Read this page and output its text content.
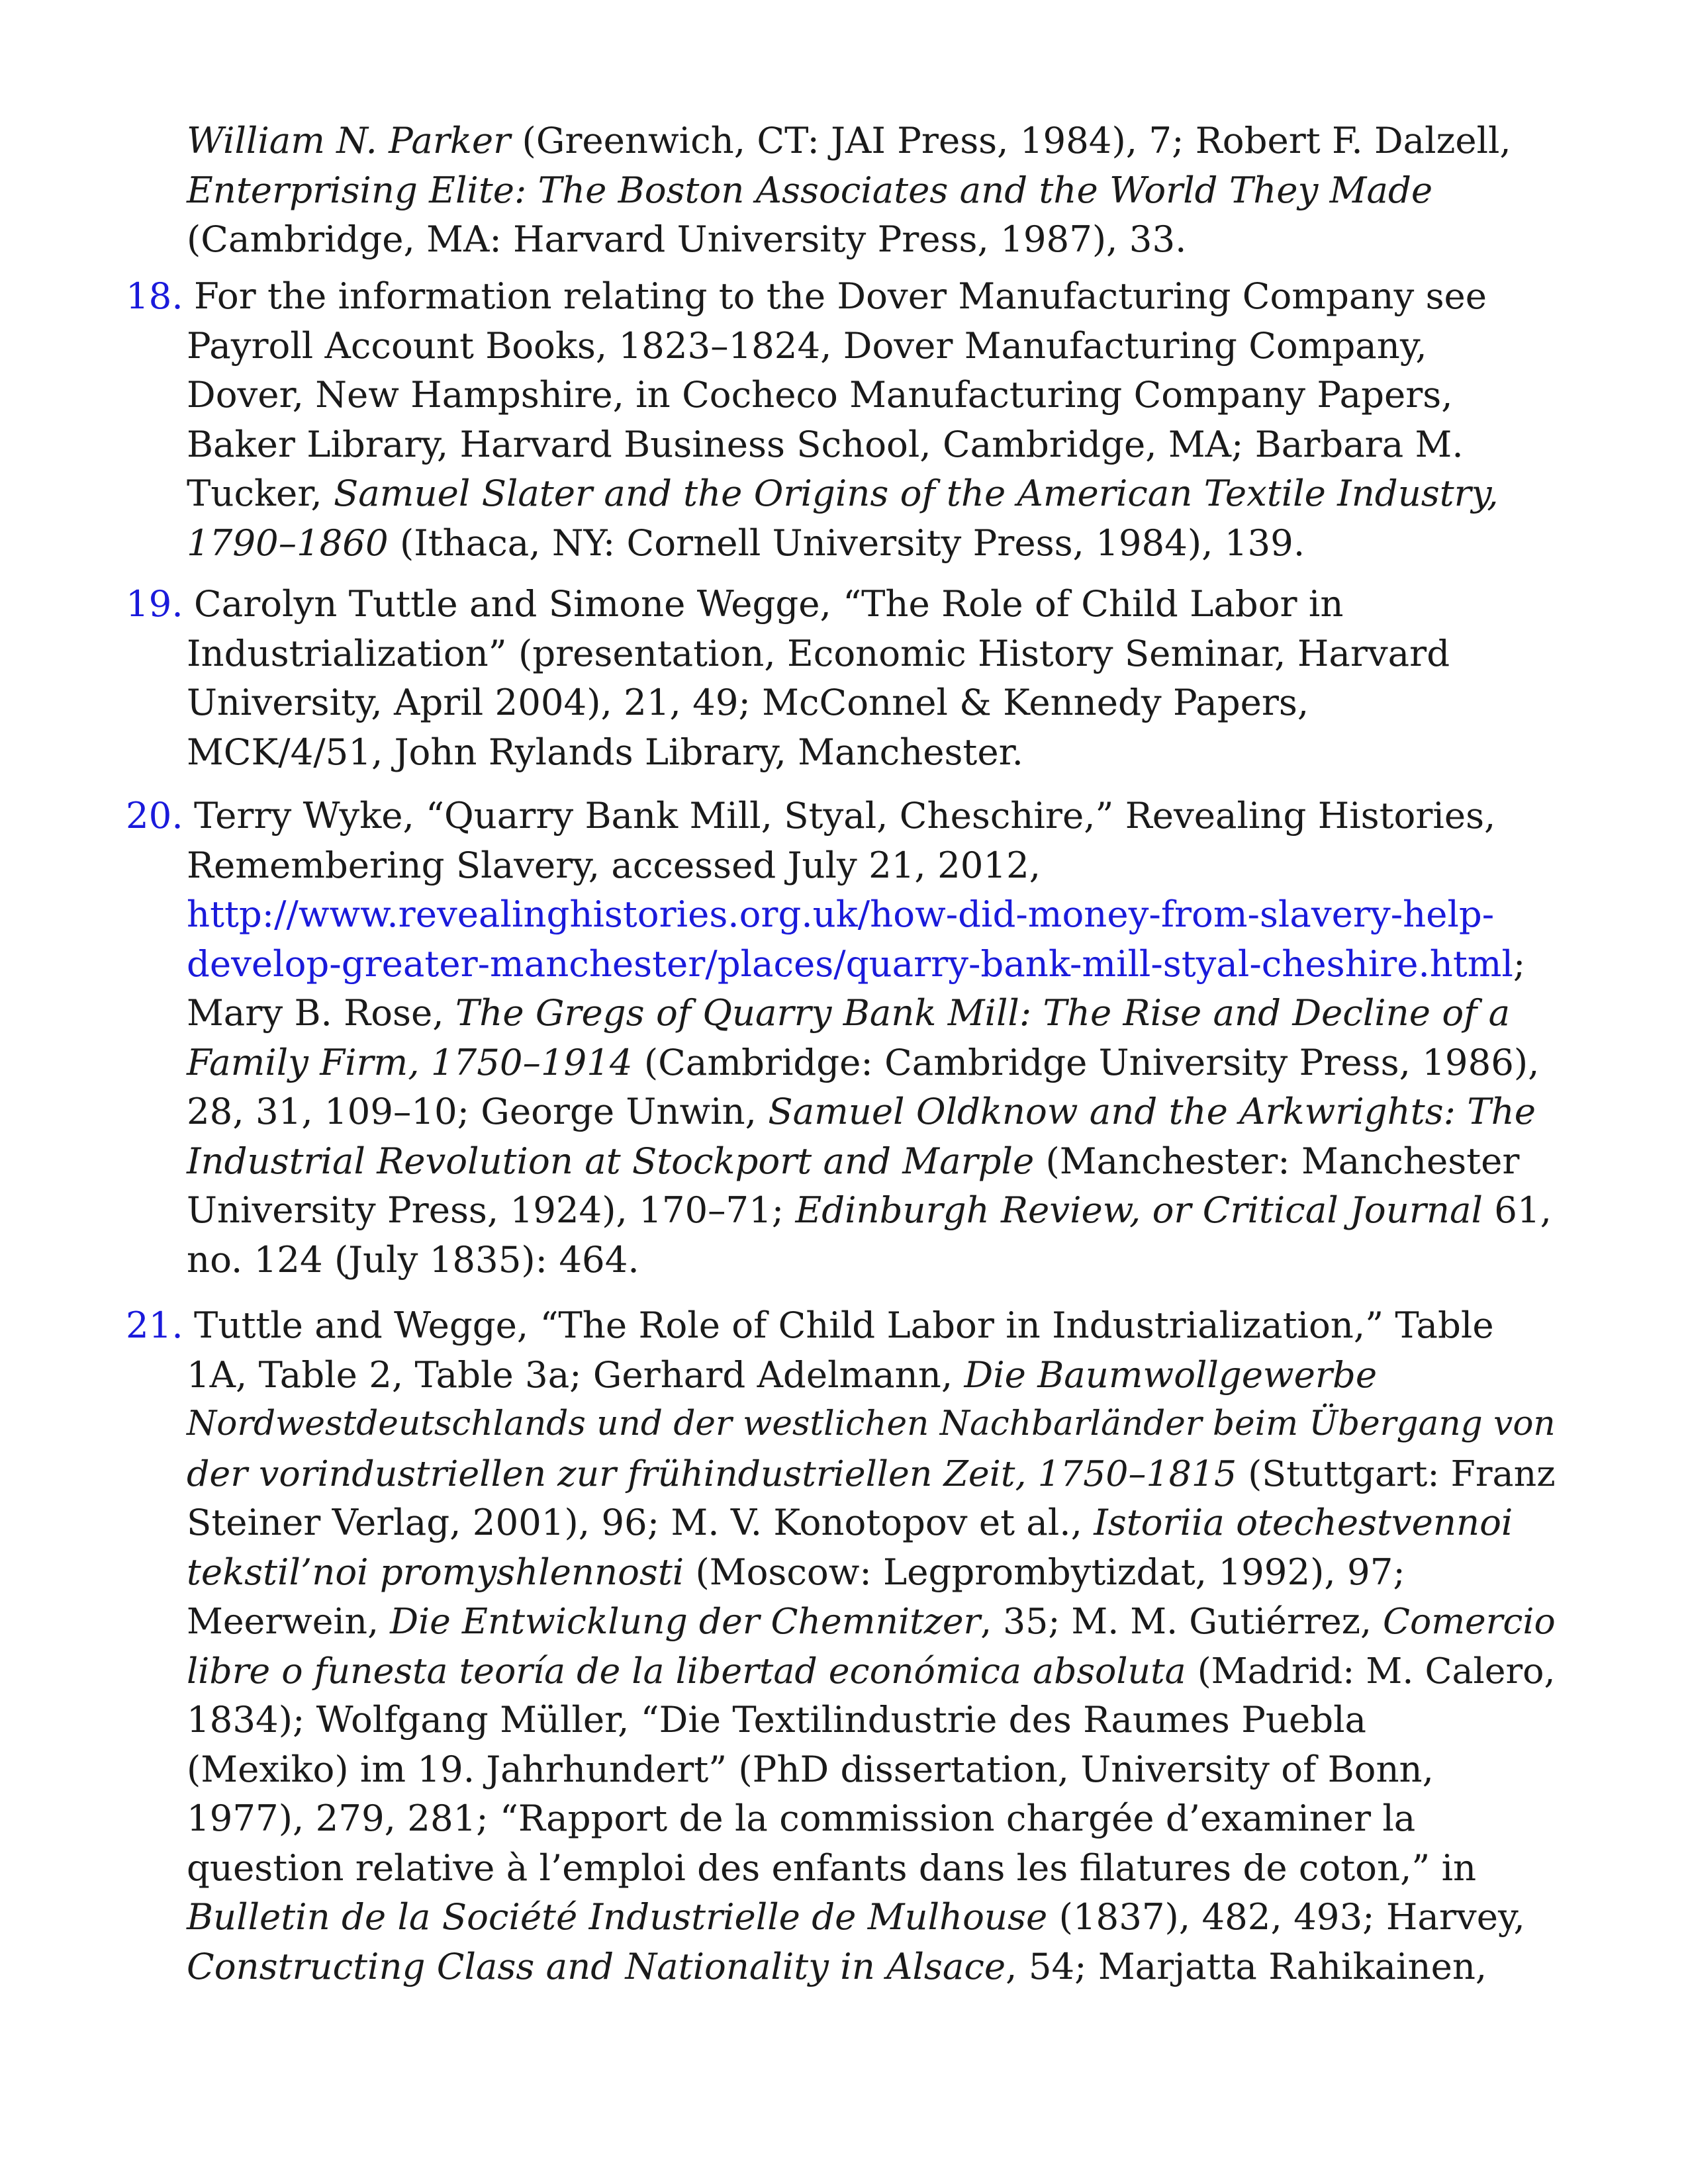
William N. Parker (Greenwich, CT: JAI Press, 1984), 7; Robert F. Dalzell,
Enterprising Elite: The Boston Associates and the World They Made
(Cambridge, MA: Harvard University Press, 1987), 33.
18. For the information relating to the Dover Manufacturing Company see
Payroll Account Books, 1823–1824, Dover Manufacturing Company,
Dover, New Hampshire, in Cocheco Manufacturing Company Papers,
Baker Library, Harvard Business School, Cambridge, MA; Barbara M.
Tucker, Samuel Slater and the Origins of the American Textile Industry,
1790–1860 (Ithaca, NY: Cornell University Press, 1984), 139.
19. Carolyn Tuttle and Simone Wegge, “The Role of Child Labor in
Industrialization” (presentation, Economic History Seminar, Harvard
University, April 2004), 21, 49; McConnel & Kennedy Papers,
MCK/4/51, John Rylands Library, Manchester.
20. Terry Wyke, “Quarry Bank Mill, Styal, Cheschire,” Revealing Histories,
Remembering Slavery, accessed July 21, 2012,
http://www.revealinghistories.org.uk/how-did-money-from-slavery-help-
develop-greater-manchester/places/quarry-bank-mill-styal-cheshire.html;
Mary B. Rose, The Gregs of Quarry Bank Mill: The Rise and Decline of a
Family Firm, 1750–1914 (Cambridge: Cambridge University Press, 1986),
28, 31, 109–10; George Unwin, Samuel Oldknow and the Arkwrights: The
Industrial Revolution at Stockport and Marple (Manchester: Manchester
University Press, 1924), 170–71; Edinburgh Review, or Critical Journal 61,
no. 124 (July 1835): 464.
21. Tuttle and Wegge, “The Role of Child Labor in Industrialization,” Table
1A, Table 2, Table 3a; Gerhard Adelmann, Die Baumwollgewerbe
Nordwestdeutschlands und der westlichen Nachbarländer beim Übergang von
der vorindustriellen zur frühindustriellen Zeit, 1750–1815 (Stuttgart: Franz
Steiner Verlag, 2001), 96; M. V. Konotopov et al., Istoriia otechestvennoi
tekstil’noi promyshlennosti (Moscow: Legprombytizdat, 1992), 97;
Meerwein, Die Entwicklung der Chemnitzer, 35; M. M. Gutiérrez, Comercio
libre o funesta teoría de la libertad económica absoluta (Madrid: M. Calero,
1834); Wolfgang Müller, “Die Textilindustrie des Raumes Puebla
(Mexiko) im 19. Jahrhundert” (PhD dissertation, University of Bonn,
1977), 279, 281; “Rapport de la commission chargée d’examiner la
question relative à l’emploi des enfants dans les filatures de coton,” in
Bulletin de la Société Industrielle de Mulhouse (1837), 482, 493; Harvey,
Constructing Class and Nationality in Alsace, 54; Marjatta Rahikainen,
